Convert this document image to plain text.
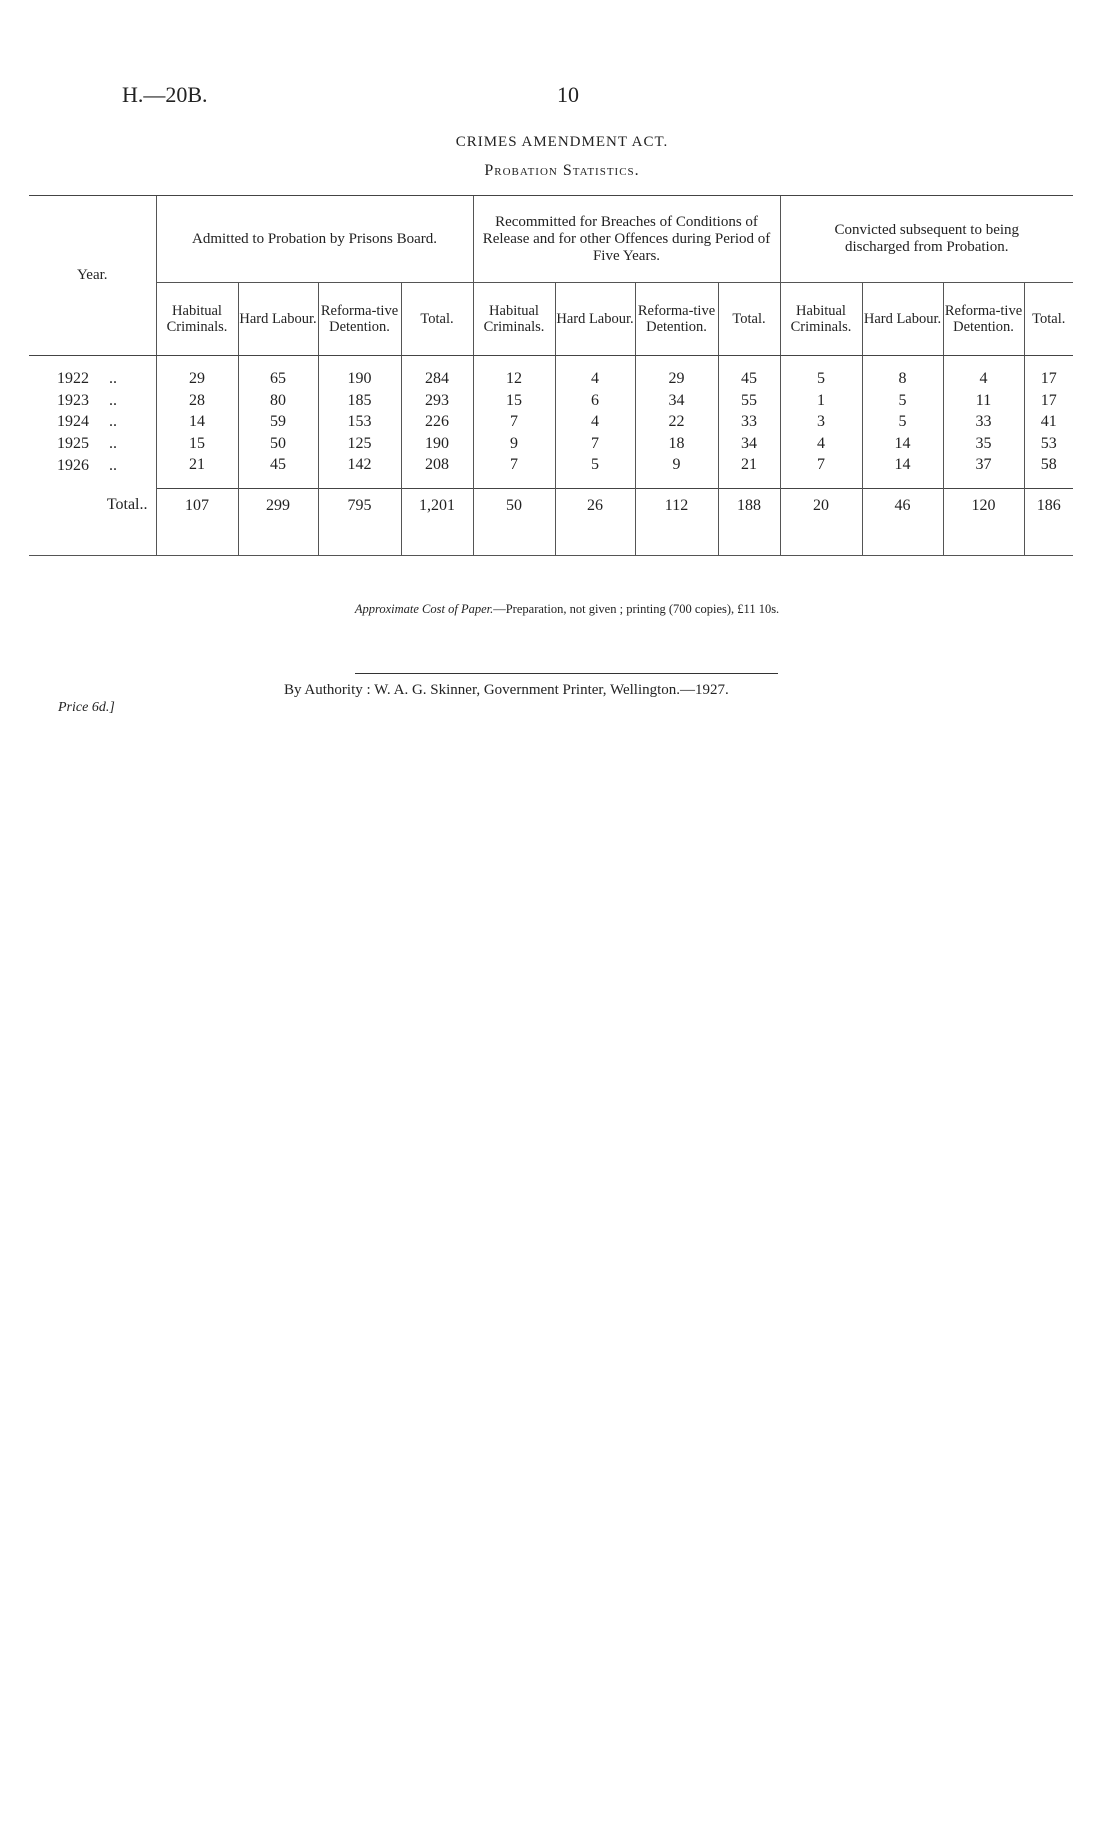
H.—20B.	10
CRIMES AMENDMENT ACT.
Probation Statistics.
Year.	Admitted to Probation by Prisons Board.				Recommitted for Breaches of Conditions of Release and for other Offences during Period of Five Years.				Convicted subsequent to being discharged from Probation.			
	Habitual Criminals.	Hard Labour.	Reforma-tive Detention.	Total.	Habitual Criminals.	Hard Labour.	Reforma-tive Detention.	Total.	Habitual Criminals.	Hard Labour.	Reforma-tive Detention.	Total.
1922 ..	29	65	190	284	12	4	29	45	5	8	4	17
1923 ..	28	80	185	293	15	6	34	55	1	5	11	17
1924 ..	14	59	153	226	7	4	22	33	3	5	33	41
1925 ..	15	50	125	190	9	7	18	34	4	14	35	53
1926 ..	21	45	142	208	7	5	9	21	7	14	37	58
Total..	107	299	795	1,201	50	26	112	188	20	46	120	186
Approximate Cost of Paper.—Preparation, not given ; printing (700 copies), £11 10s.
By Authority : W. A. G. Skinner, Government Printer, Wellington.—1927.
Price 6d.]
